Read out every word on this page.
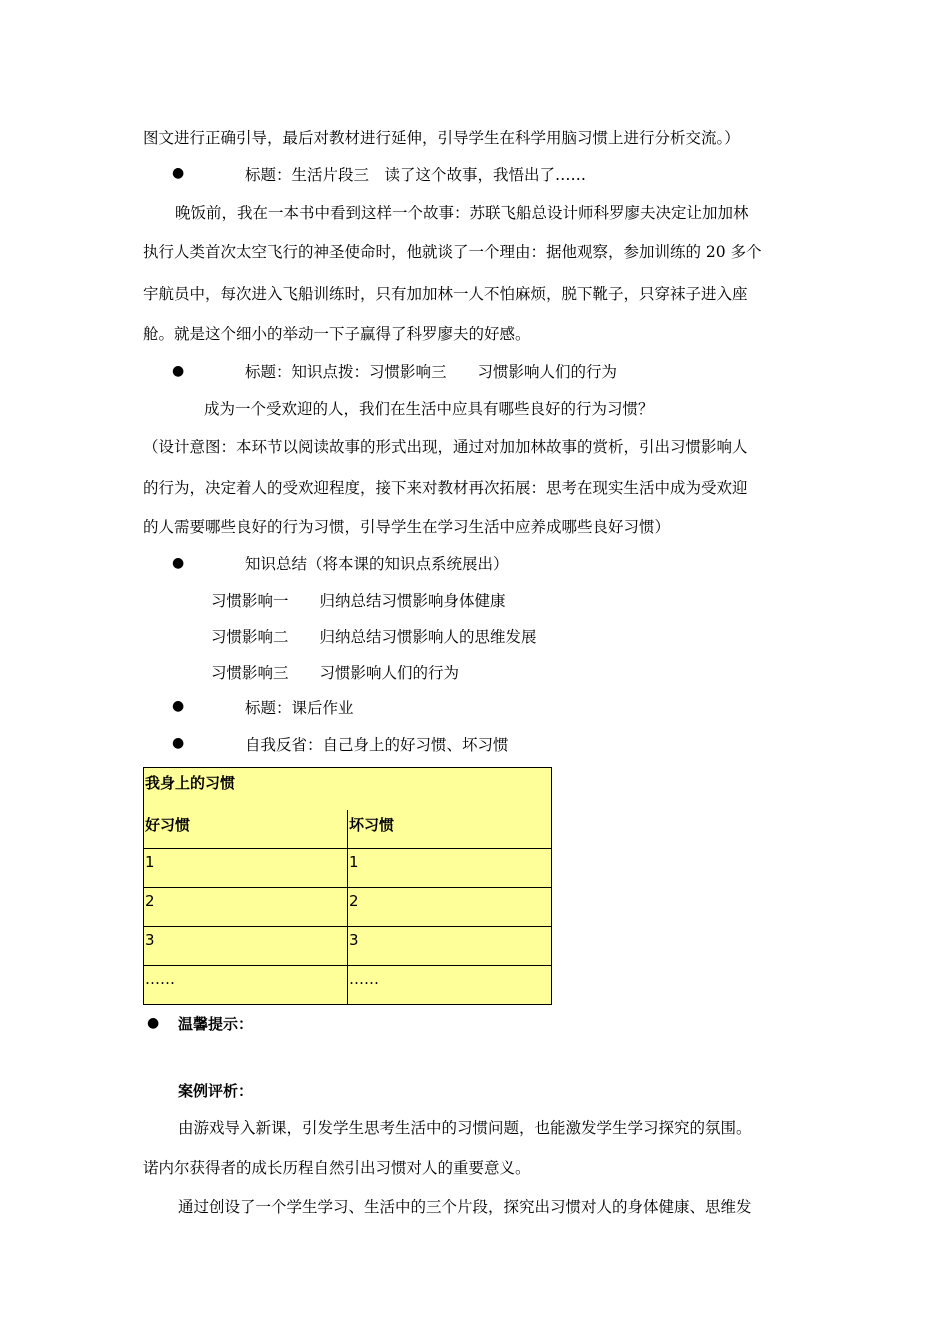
图文进行正确引导，最后对教材进行延伸，引导学生在科学用脑习惯上进行分析交流。）
●	标题：生活片段三　读了这个故事，我悟出了……
晚饭前，我在一本书中看到这样一个故事：苏联飞船总设计师科罗廖夫决定让加加林
执行人类首次太空飞行的神圣使命时，他就谈了一个理由：据他观察，参加训练的 20 多个
宇航员中，每次进入飞船训练时，只有加加林一人不怕麻烦，脱下靴子，只穿袜子进入座
舱。就是这个细小的举动一下子赢得了科罗廖夫的好感。
●	标题：知识点拨：习惯影响三　　习惯影响人们的行为
成为一个受欢迎的人，我们在生活中应具有哪些良好的行为习惯？
（设计意图：本环节以阅读故事的形式出现，通过对加加林故事的赏析，引出习惯影响人
的行为，决定着人的受欢迎程度，接下来对教材再次拓展：思考在现实生活中成为受欢迎
的人需要哪些良好的行为习惯，引导学生在学习生活中应养成哪些良好习惯）
●	知识总结（将本课的知识点系统展出）
习惯影响一　　归纳总结习惯影响身体健康
习惯影响二　　归纳总结习惯影响人的思维发展
习惯影响三　　习惯影响人们的行为
●	标题：课后作业
●	自我反省：自己身上的好习惯、坏习惯
我身上的习惯	
好习惯	坏习惯
1	1
2	2
3	3
……	……
● 温馨提示：
案例评析：
由游戏导入新课，引发学生思考生活中的习惯问题，也能激发学生学习探究的氛围。
诺内尔获得者的成长历程自然引出习惯对人的重要意义。
通过创设了一个学生学习、生活中的三个片段，探究出习惯对人的身体健康、思维发
